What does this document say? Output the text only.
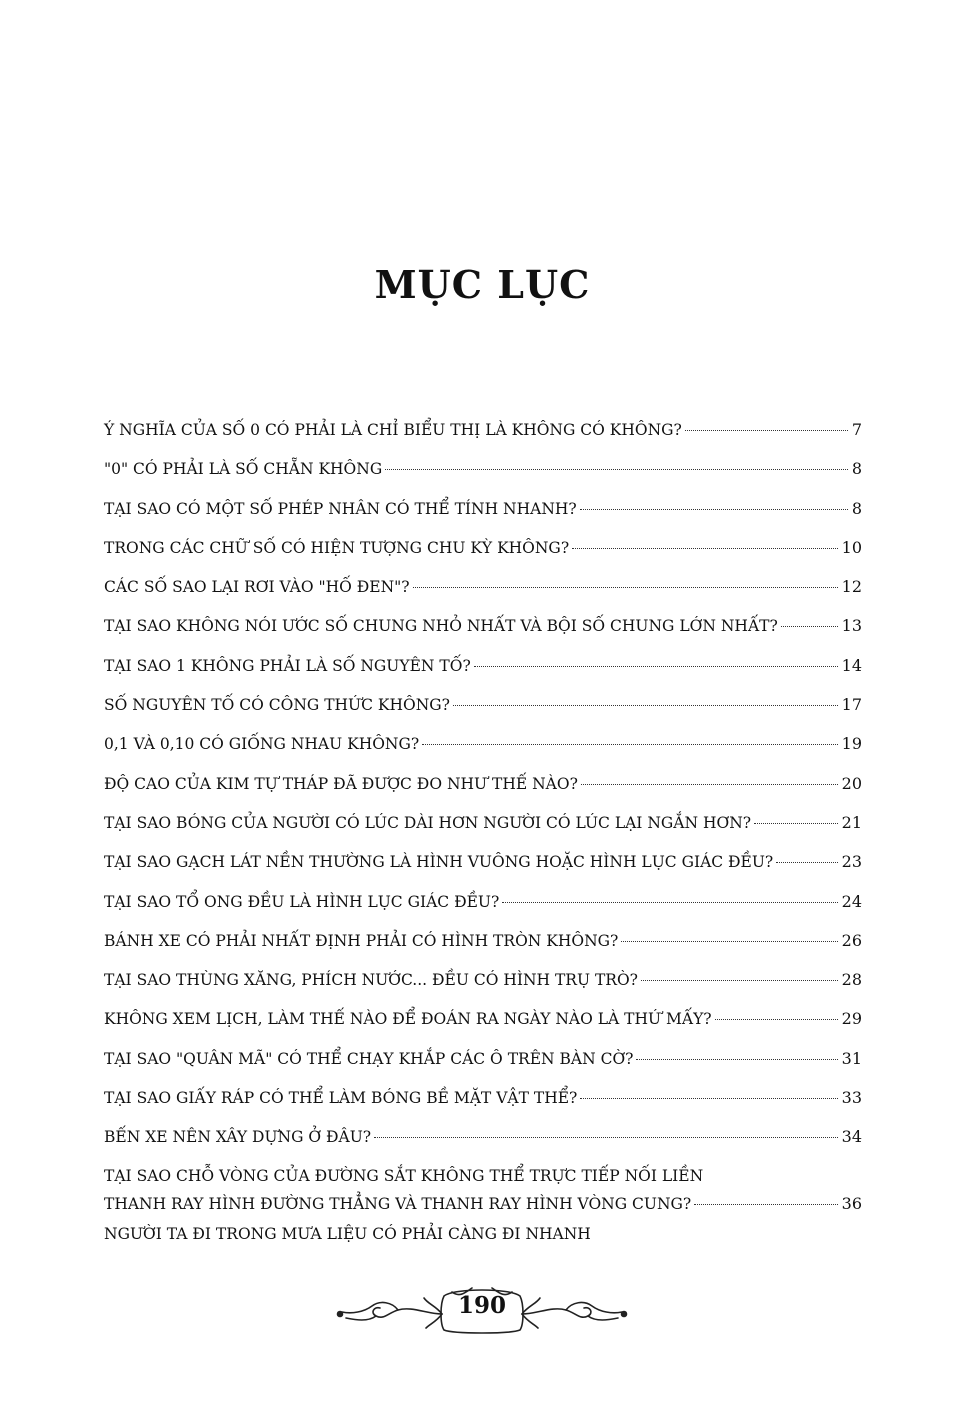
MỤC LỤC
Ý NGHĨA CỦA SỐ 0 CÓ PHẢI LÀ CHỈ BIỂU THỊ LÀ KHÔNG CÓ KHÔNG?	7
"0" CÓ PHẢI LÀ SỐ CHẴN KHÔNG	8
TẠI SAO CÓ MỘT SỐ PHÉP NHÂN CÓ THỂ TÍNH NHANH?	8
TRONG CÁC CHỮ SỐ CÓ HIỆN TƯỢNG CHU KỲ KHÔNG?	10
CÁC SỐ SAO LẠI RƠI VÀO "HỐ ĐEN"?	12
TẠI SAO KHÔNG NÓI ƯỚC SỐ CHUNG NHỎ NHẤT VÀ BỘI SỐ CHUNG LỚN NHẤT?	13
TẠI SAO 1 KHÔNG PHẢI LÀ SỐ NGUYÊN TỐ?	14
SỐ NGUYÊN TỐ CÓ CÔNG THỨC KHÔNG?	17
0,1 VÀ 0,10 CÓ GIỐNG NHAU KHÔNG?	19
ĐỘ CAO CỦA KIM TỰ THÁP ĐÃ ĐƯỢC ĐO NHƯ THẾ NÀO?	20
TẠI SAO BÓNG CỦA NGƯỜI CÓ LÚC DÀI HƠN NGƯỜI CÓ LÚC LẠI NGẮN HƠN?	21
TẠI SAO GẠCH LÁT NỀN THƯỜNG LÀ HÌNH VUÔNG HOẶC HÌNH LỤC GIÁC ĐỀU?	23
TẠI SAO TỔ ONG ĐỀU LÀ HÌNH LỤC GIÁC ĐỀU?	24
BÁNH XE CÓ PHẢI NHẤT ĐỊNH PHẢI CÓ HÌNH TRÒN KHÔNG?	26
TẠI SAO THÙNG XĂNG, PHÍCH NƯỚC... ĐỀU CÓ HÌNH TRỤ TRÒ?	28
KHÔNG XEM LỊCH, LÀM THẾ NÀO ĐỂ ĐOÁN RA NGÀY NÀO LÀ THỨ MẤY?	29
TẠI SAO "QUÂN MÃ" CÓ THỂ CHẠY KHẮP CÁC Ô TRÊN BÀN CỜ?	31
TẠI SAO GIẤY RÁP CÓ THỂ LÀM BÓNG BỀ MẶT VẬT THỂ?	33
BẾN XE NÊN XÂY DỰNG Ở ĐÂU?	34
TẠI SAO CHỖ VÒNG CỦA ĐƯỜNG SẮT KHÔNG THỂ TRỰC TIẾP NỐI LIỀN
THANH RAY HÌNH ĐƯỜNG THẲNG VÀ THANH RAY HÌNH VÒNG CUNG?	36
NGƯỜI TA ĐI TRONG MƯA LIỆU CÓ PHẢI CÀNG ĐI NHANH
190
